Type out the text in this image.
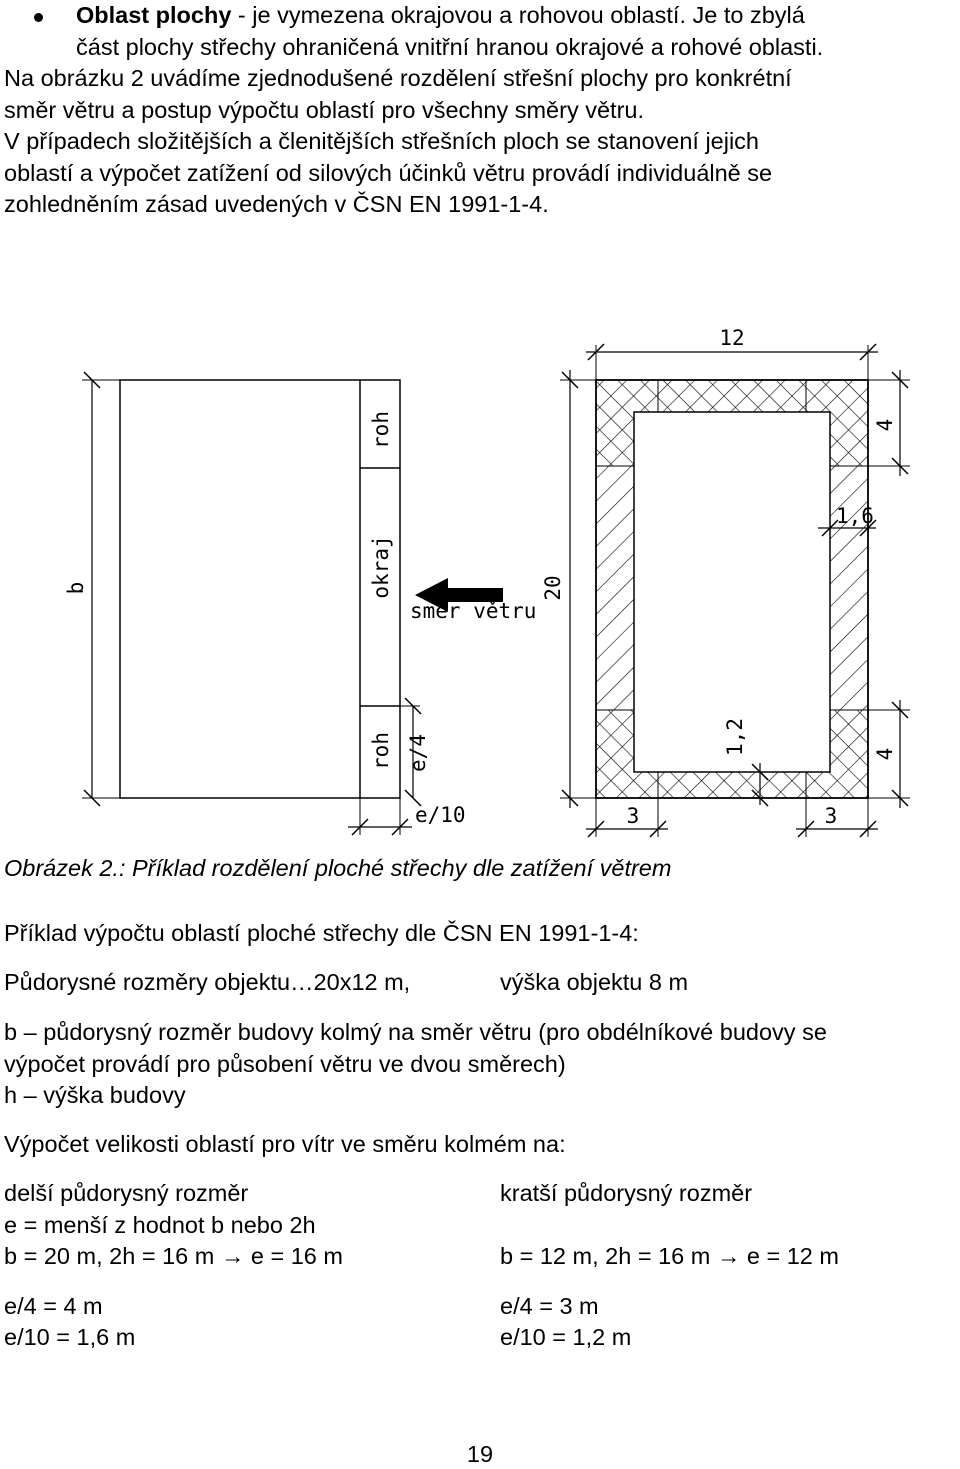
Oblast plochy - je vymezena okrajovou a rohovou oblastí. Je to zbylá
část plochy střechy ohraničená vnitřní hranou okrajové a rohové oblasti.
Na obrázku 2 uvádíme zjednodušené rozdělení střešní plochy pro konkrétní
směr větru a postup výpočtu oblastí pro všechny směry větru.
V případech složitějších a členitějších střešních ploch se stanovení jejich
oblastí a výpočet zatížení od silových účinků větru provádí individuálně se
zohledněním zásad uvedených v ČSN EN 1991-1-4.
b
roh
okraj
roh e/4
e/10
směr větru
12
20
4
4
1,6
1,2
3	3
Obrázek 2.: Příklad rozdělení ploché střechy dle zatížení větrem
Příklad výpočtu oblastí ploché střechy dle ČSN EN 1991-1-4:
Půdorysné rozměry objektu…20x12 m,	výška objektu 8 m
b – půdorysný rozměr budovy kolmý na směr větru (pro obdélníkové budovy se
výpočet provádí pro působení větru ve dvou směrech)
h – výška budovy
Výpočet velikosti oblastí pro vítr ve směru kolmém na:
delší půdorysný rozměr	kratší půdorysný rozměr
e = menší z hodnot b nebo 2h
b = 20 m, 2h = 16 m → e = 16 m	b = 12 m, 2h = 16 m → e = 12 m
e/4 = 4 m	e/4 = 3 m
e/10 = 1,6 m	e/10 = 1,2 m
19
